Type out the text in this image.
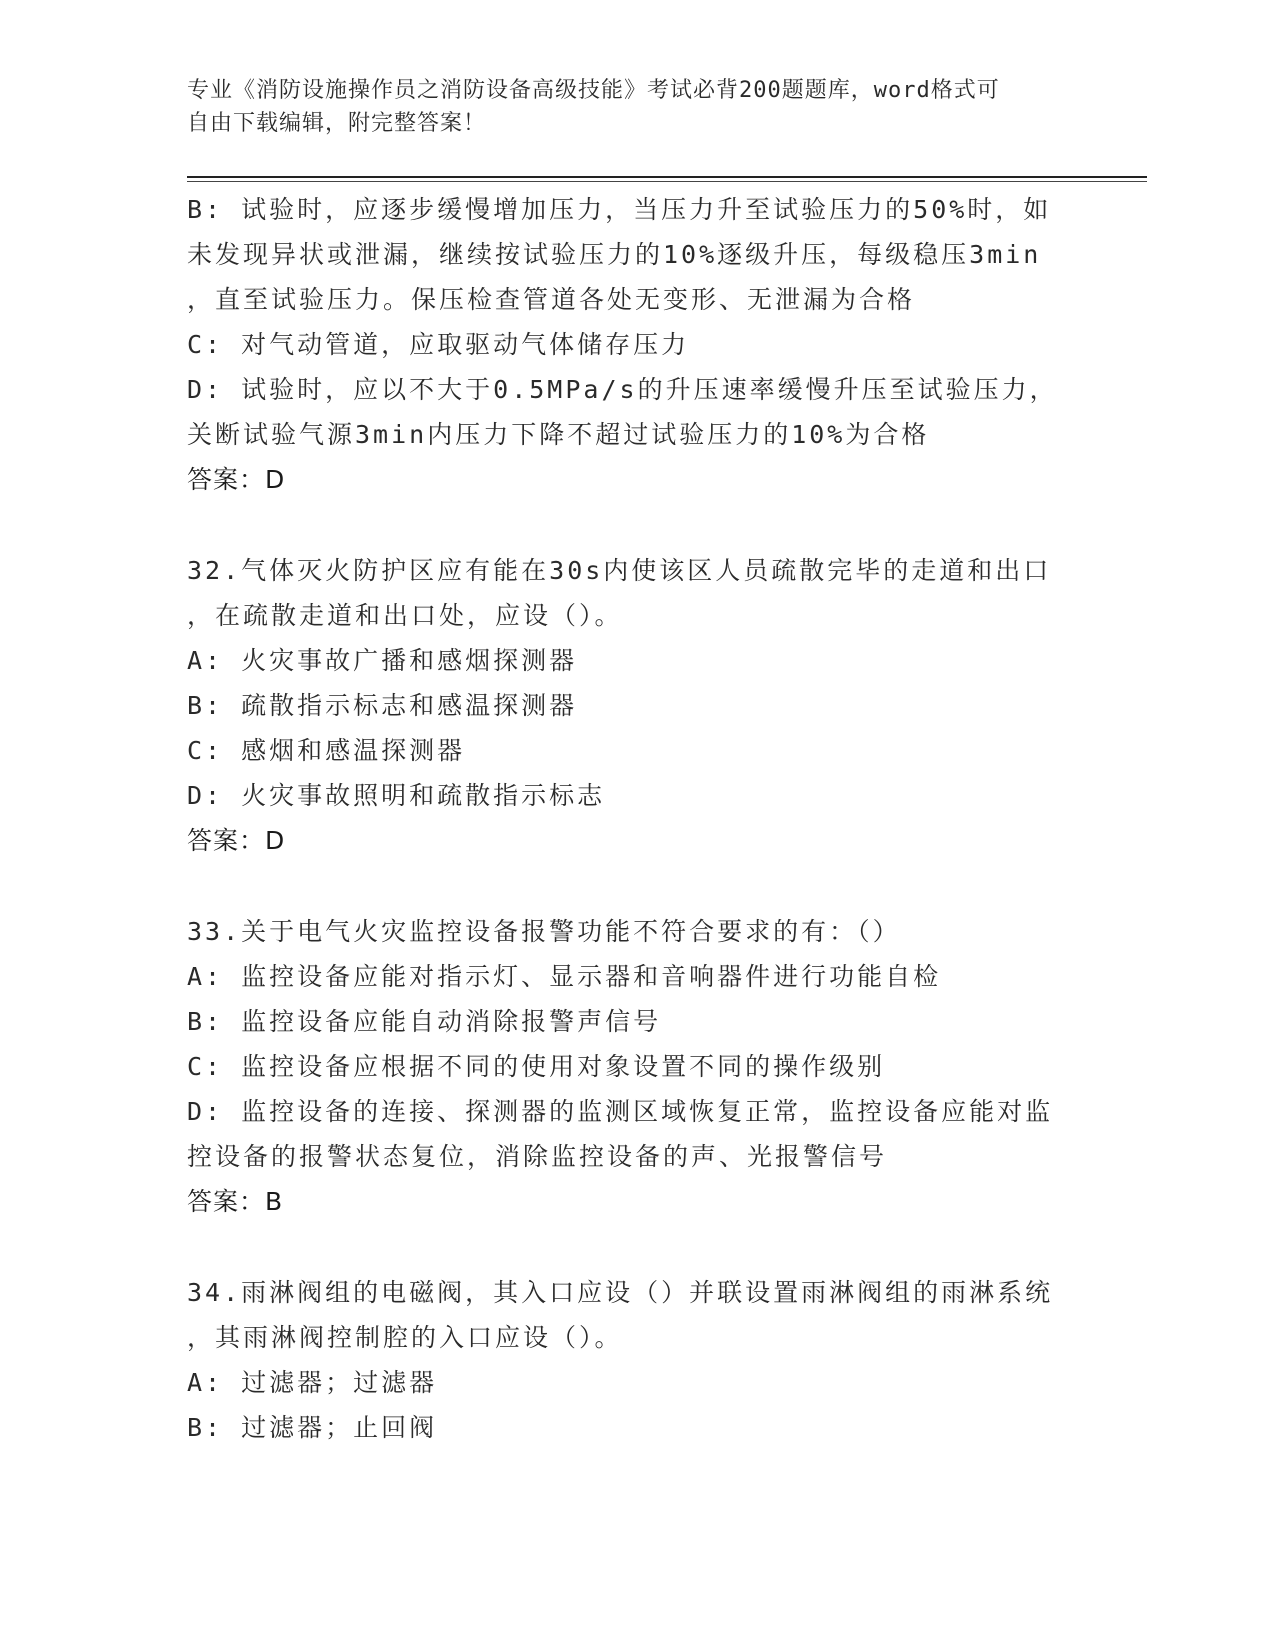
专业《消防设施操作员之消防设备高级技能》考试必背200题题库，word格式可
自由下载编辑，附完整答案！
B: 试验时，应逐步缓慢增加压力，当压力升至试验压力的50%时，如
未发现异状或泄漏，继续按试验压力的10%逐级升压，每级稳压3min
，直至试验压力。保压检查管道各处无变形、无泄漏为合格
C: 对气动管道，应取驱动气体储存压力
D: 试验时，应以不大于0.5MPa/s的升压速率缓慢升压至试验压力，
关断试验气源3min内压力下降不超过试验压力的10%为合格
答案：D
32.气体灭火防护区应有能在30s内使该区人员疏散完毕的走道和出口
，在疏散走道和出口处，应设（）。
A: 火灾事故广播和感烟探测器
B: 疏散指示标志和感温探测器
C: 感烟和感温探测器
D: 火灾事故照明和疏散指示标志
答案：D
33.关于电气火灾监控设备报警功能不符合要求的有：（）
A: 监控设备应能对指示灯、显示器和音响器件进行功能自检
B: 监控设备应能自动消除报警声信号
C: 监控设备应根据不同的使用对象设置不同的操作级别
D: 监控设备的连接、探测器的监测区域恢复正常，监控设备应能对监
控设备的报警状态复位，消除监控设备的声、光报警信号
答案：B
34.雨淋阀组的电磁阀，其入口应设（）并联设置雨淋阀组的雨淋系统
，其雨淋阀控制腔的入口应设（）。
A: 过滤器；过滤器
B: 过滤器；止回阀
